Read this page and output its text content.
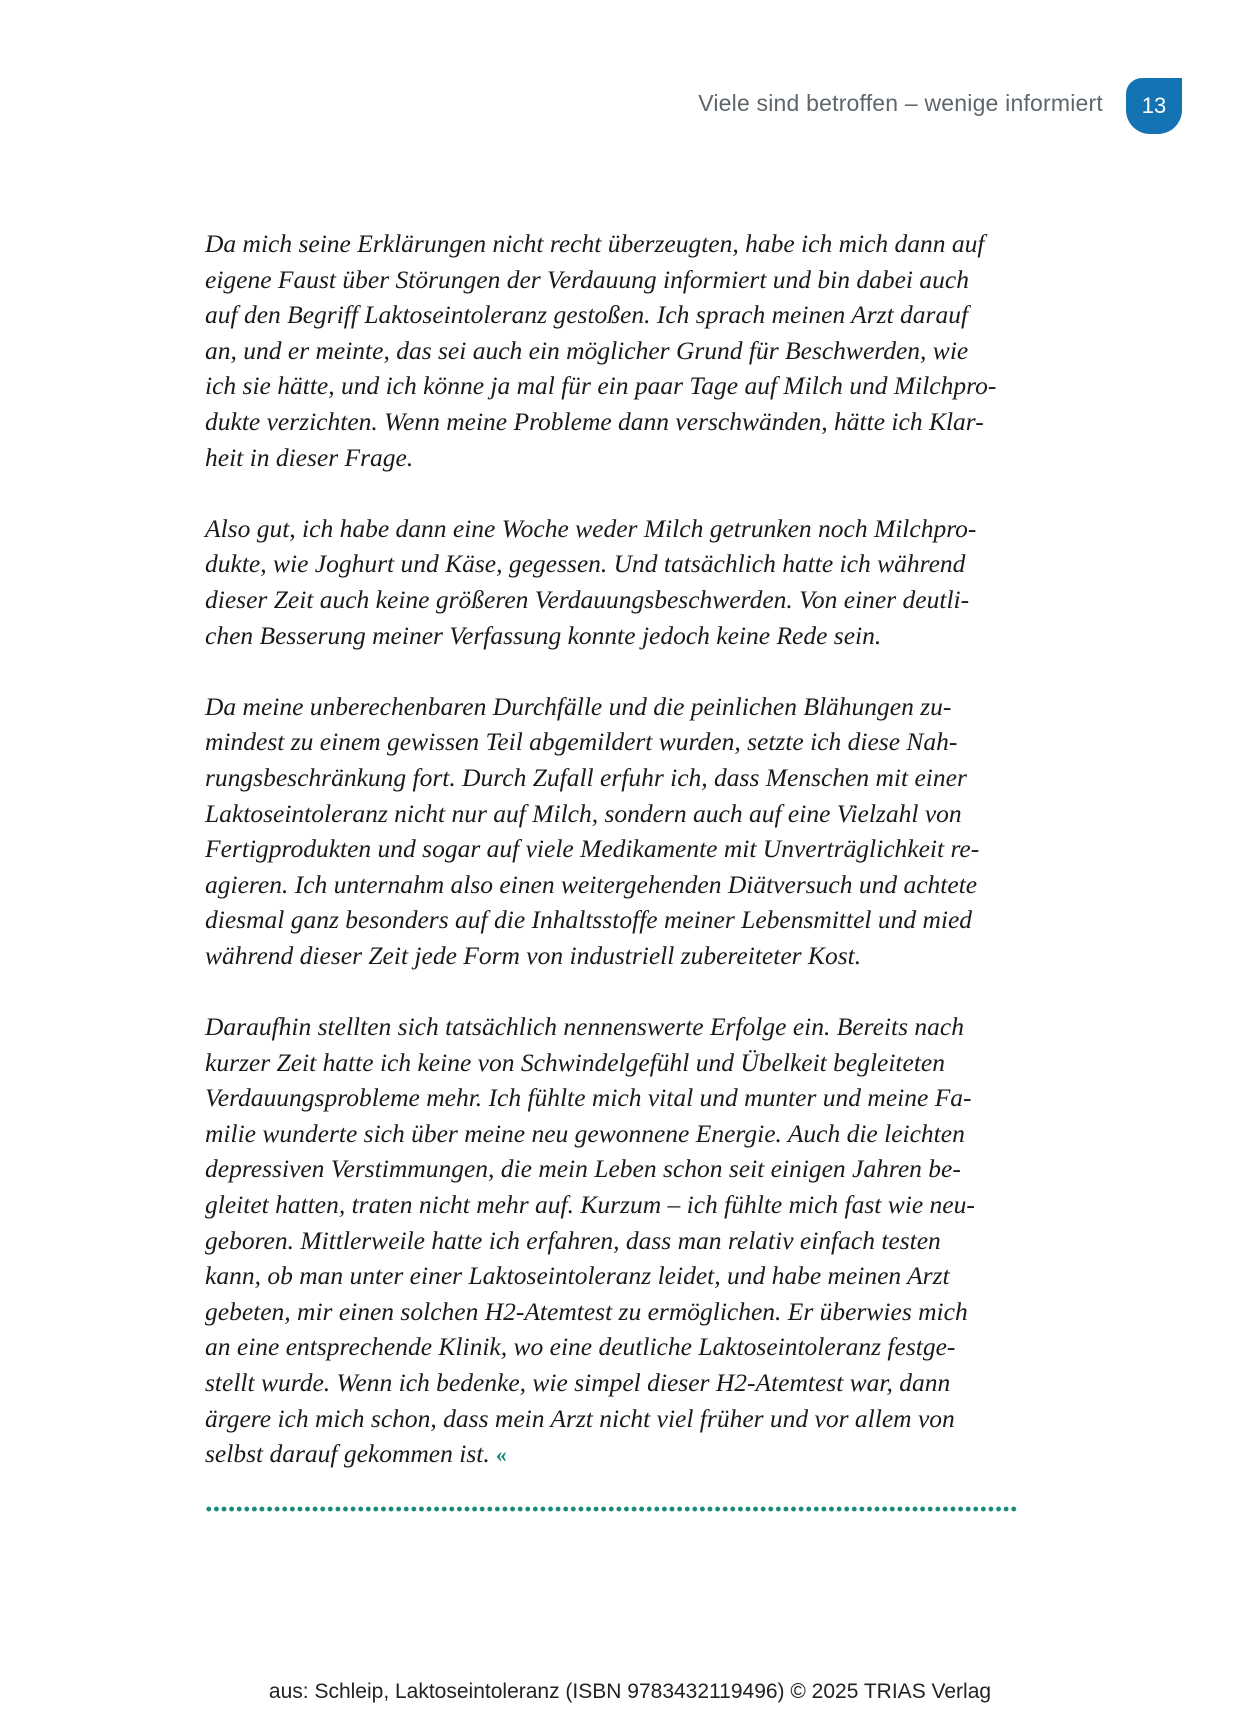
Viele sind betroffen – wenige informiert	13

Da mich seine Erklärungen nicht recht überzeugten, habe ich mich dann auf
eigene Faust über Störungen der Verdauung informiert und bin dabei auch
auf den Begriff Laktoseintoleranz gestoßen. Ich sprach meinen Arzt darauf
an, und er meinte, das sei auch ein möglicher Grund für Beschwerden, wie
ich sie hätte, und ich könne ja mal für ein paar Tage auf Milch und Milchpro-
dukte verzichten. Wenn meine Probleme dann verschwänden, hätte ich Klar-
heit in dieser Frage.

Also gut, ich habe dann eine Woche weder Milch getrunken noch Milchpro-
dukte, wie Joghurt und Käse, gegessen. Und tatsächlich hatte ich während
dieser Zeit auch keine größeren Verdauungsbeschwerden. Von einer deutli-
chen Besserung meiner Verfassung konnte jedoch keine Rede sein.

Da meine unberechenbaren Durchfälle und die peinlichen Blähungen zu-
mindest zu einem gewissen Teil abgemildert wurden, setzte ich diese Nah-
rungsbeschränkung fort. Durch Zufall erfuhr ich, dass Menschen mit einer
Laktoseintoleranz nicht nur auf Milch, sondern auch auf eine Vielzahl von
Fertigprodukten und sogar auf viele Medikamente mit Unverträglichkeit re-
agieren. Ich unternahm also einen weitergehenden Diätversuch und achtete
diesmal ganz besonders auf die Inhaltsstoffe meiner Lebensmittel und mied
während dieser Zeit jede Form von industriell zubereiteter Kost.

Daraufhin stellten sich tatsächlich nennenswerte Erfolge ein. Bereits nach
kurzer Zeit hatte ich keine von Schwindelgefühl und Übelkeit begleiteten
Verdauungsprobleme mehr. Ich fühlte mich vital und munter und meine Fa-
milie wunderte sich über meine neu gewonnene Energie. Auch die leichten
depressiven Verstimmungen, die mein Leben schon seit einigen Jahren be-
gleitet hatten, traten nicht mehr auf. Kurzum – ich fühlte mich fast wie neu-
geboren. Mittlerweile hatte ich erfahren, dass man relativ einfach testen
kann, ob man unter einer Laktoseintoleranz leidet, und habe meinen Arzt
gebeten, mir einen solchen H2-Atemtest zu ermöglichen. Er überwies mich
an eine entsprechende Klinik, wo eine deutliche Laktoseintoleranz festge-
stellt wurde. Wenn ich bedenke, wie simpel dieser H2-Atemtest war, dann
ärgere ich mich schon, dass mein Arzt nicht viel früher und vor allem von
selbst darauf gekommen ist. «

aus: Schleip, Laktoseintoleranz (ISBN 9783432119496) © 2025 TRIAS Verlag
